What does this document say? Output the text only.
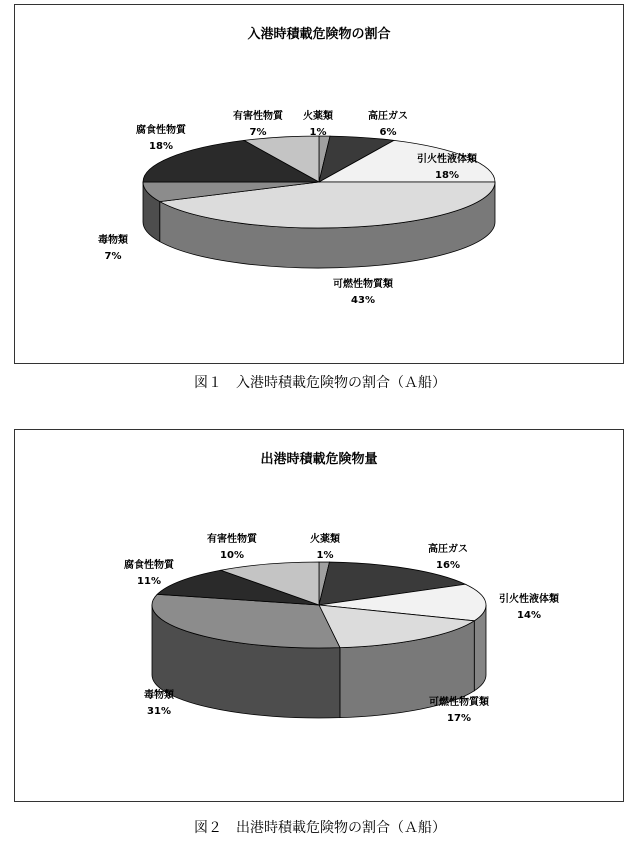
入港時積載危険物の割合
火薬類
1%
高圧ガス
6%
引火性液体類
18%
可燃性物質類
43%
毒物類
7%
腐食性物質
18%
有害性物質
7%
図１　入港時積載危険物の割合（Ａ船）
出港時積載危険物量
火薬類
1%
高圧ガス
16%
引火性液体類
14%
可燃性物質類
17%
毒物類
31%
腐食性物質
11%
有害性物質
10%
図２　出港時積載危険物の割合（Ａ船）
